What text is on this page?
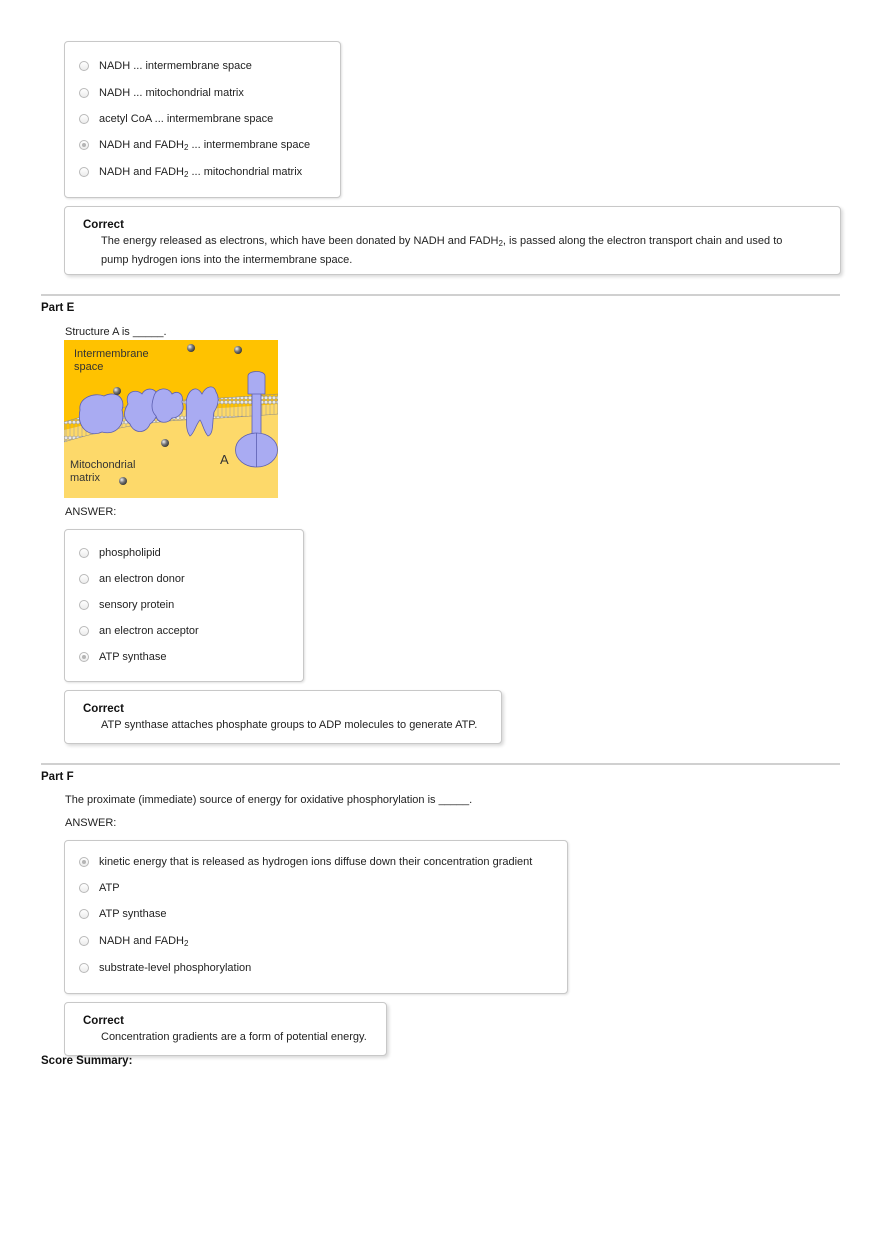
NADH ... intermembrane space
NADH ... mitochondrial matrix
acetyl CoA ... intermembrane space
NADH and $FADH_2$ ... intermembrane space
NADH and $FADH_2$ ... mitochondrial matrix
Correct
The energy released as electrons, which have been donated by NADH and $FADH_2$, is passed along the electron transport chain and used to
pump hydrogen ions into the intermembrane space.
Part E
Structure A is _____.
Intermembrane
space
Mitochondrial
matrix
A
ANSWER:
phospholipid
an electron donor
sensory protein
an electron acceptor
ATP synthase
Correct
ATP synthase attaches phosphate groups to ADP molecules to generate ATP.
Part F
The proximate (immediate) source of energy for oxidative phosphorylation is _____.
ANSWER:
kinetic energy that is released as hydrogen ions diffuse down their concentration gradient
ATP
ATP synthase
NADH and $FADH_2$
substrate-level phosphorylation
Correct
Concentration gradients are a form of potential energy.
Score Summary:
